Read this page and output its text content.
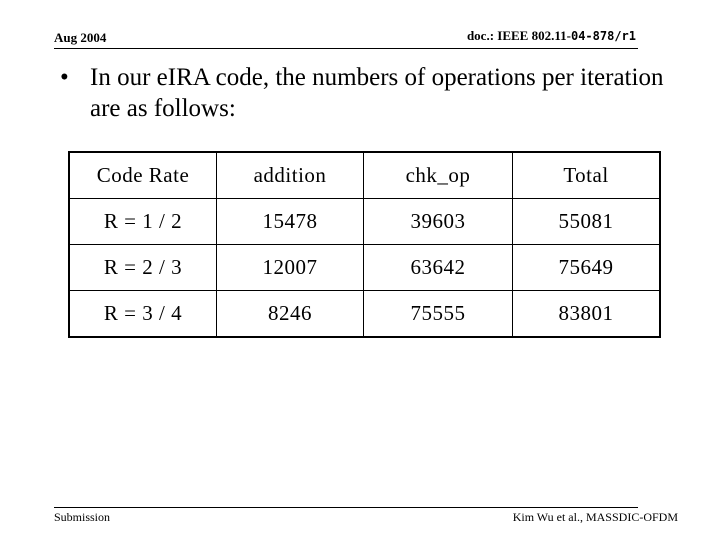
Aug 2004	doc.: IEEE 802.11-04-878/r1
• In our eIRA code, the numbers of operations per iteration are as follows:
Code Rate	addition	chk_op	Total
R = 1 / 2	15478	39603	55081
R = 2 / 3	12007	63642	75649
R = 3 / 4	8246	75555	83801
Submission	Kim Wu et al., MASSDIC-OFDM
